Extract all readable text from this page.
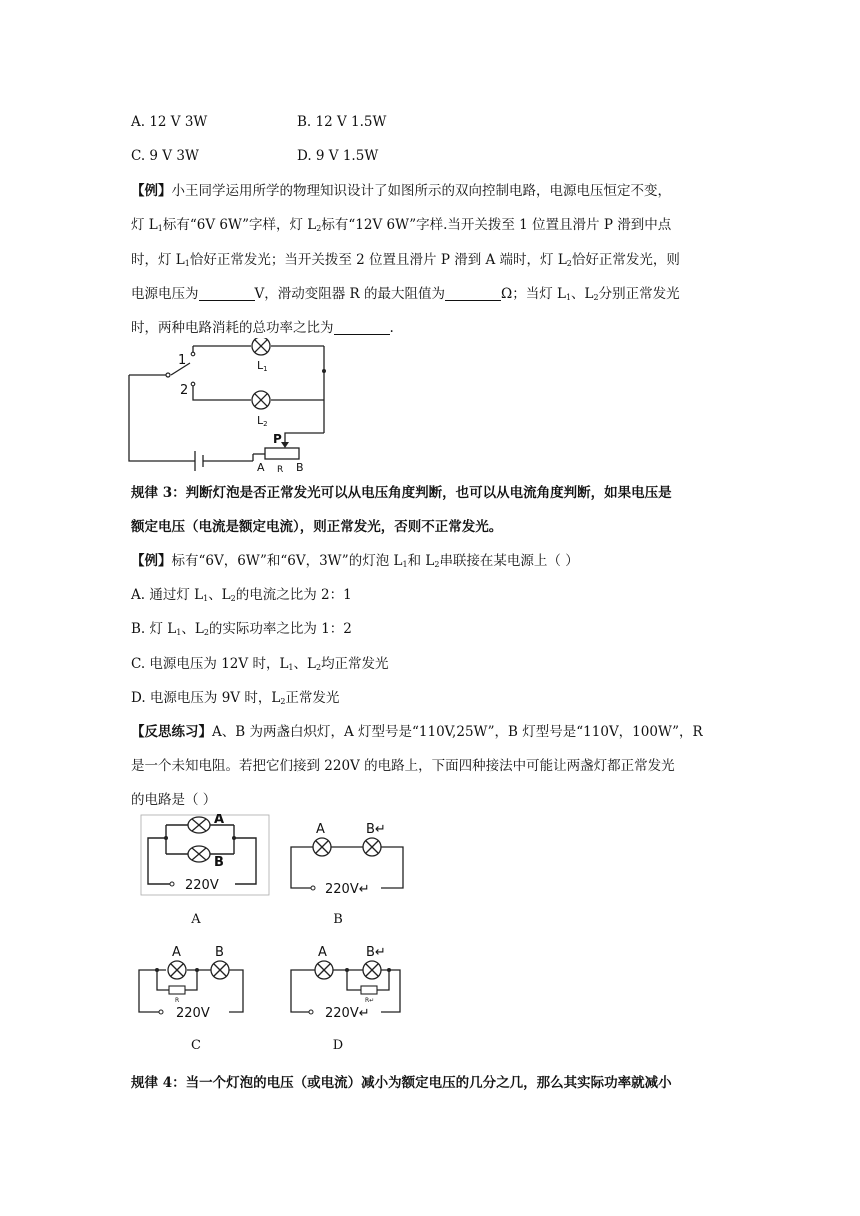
A. 12 V 3W	B. 12 V 1.5W
C. 9 V 3W	D. 9 V 1.5W
【例】小王同学运用所学的物理知识设计了如图所示的双向控制电路，电源电压恒定不变，
灯 $L_1$标有“6V 6W”字样，灯 $L_2$标有“12V 6W”字样.当开关拨至 1 位置且滑片 P 滑到中点
时，灯 $L_1$恰好正常发光；当开关拨至 2 位置且滑片 P 滑到 A 端时，灯 $L_2$恰好正常发光，则
电源电压为	V，滑动变阻器 R 的最大阻值为	Ω；当灯 $L_1$、$L_2$分别正常发光
时，两种电路消耗的总功率之比为	.
1
2
L1
L2
P
A R B
规律 3：判断灯泡是否正常发光可以从电压角度判断，也可以从电流角度判断，如果电压是
额定电压（电流是额定电流），则正常发光，否则不正常发光。
【例】标有“6V，6W”和“6V，3W”的灯泡 $L_1$和 $L_2$串联接在某电源上（ ）
A. 通过灯 $L_1$、$L_2$的电流之比为 2：1
B. 灯 $L_1$、$L_2$的实际功率之比为 1：2
C. 电源电压为 12V 时，$L_1$、$L_2$均正常发光
D. 电源电压为 9V 时，$L_2$正常发光
【反思练习】A、B 为两盏白炽灯，A 灯型号是“110V,25W”，B 灯型号是“110V，100W”，R
是一个未知电阻。若把它们接到 220V 的电路上，下面四种接法中可能让两盏灯都正常发光
的电路是（ ）
A
B
220V
A
A	B↵
220V↵
B
A	B
R
220V
C
A	B↵
R↵
220V↵
D
规律 4：当一个灯泡的电压（或电流）减小为额定电压的几分之几，那么其实际功率就减小
